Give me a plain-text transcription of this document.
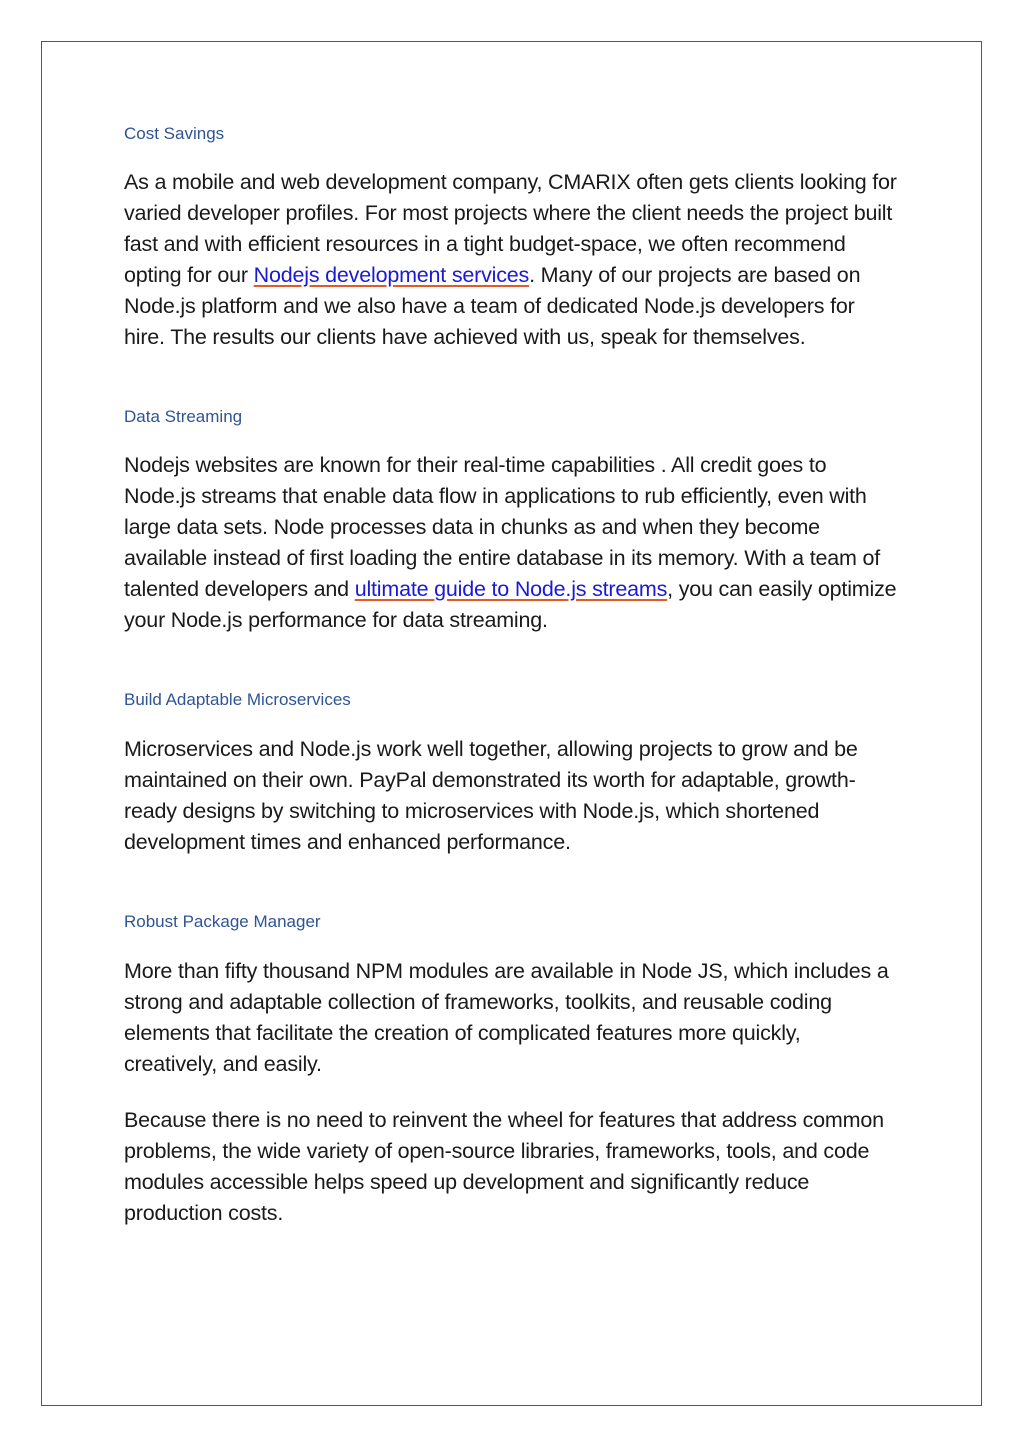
Cost Savings

As a mobile and web development company, CMARIX often gets clients looking for varied developer profiles. For most projects where the client needs the project built fast and with efficient resources in a tight budget-space, we often recommend opting for our Nodejs development services. Many of our projects are based on Node.js platform and we also have a team of dedicated Node.js developers for hire. The results our clients have achieved with us, speak for themselves.

Data Streaming

Nodejs websites are known for their real-time capabilities . All credit goes to Node.js streams that enable data flow in applications to rub efficiently, even with large data sets. Node processes data in chunks as and when they become available instead of first loading the entire database in its memory. With a team of talented developers and ultimate guide to Node.js streams, you can easily optimize your Node.js performance for data streaming.

Build Adaptable Microservices

Microservices and Node.js work well together, allowing projects to grow and be maintained on their own. PayPal demonstrated its worth for adaptable, growth-ready designs by switching to microservices with Node.js, which shortened development times and enhanced performance.

Robust Package Manager

More than fifty thousand NPM modules are available in Node JS, which includes a strong and adaptable collection of frameworks, toolkits, and reusable coding elements that facilitate the creation of complicated features more quickly, creatively, and easily.

Because there is no need to reinvent the wheel for features that address common problems, the wide variety of open-source libraries, frameworks, tools, and code modules accessible helps speed up development and significantly reduce production costs.
